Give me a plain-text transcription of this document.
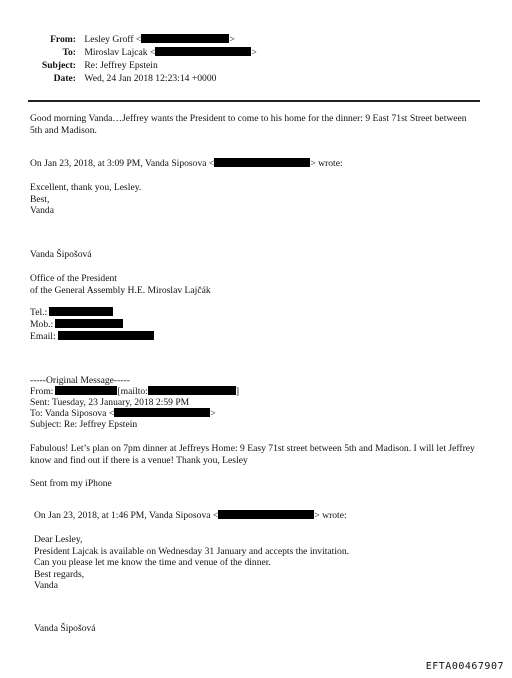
From: Lesley Groff <	>
To: Miroslav Lajcak <	>
Subject: Re: Jeffrey Epstein
Date: Wed, 24 Jan 2018 12:23:14 +0000
Good morning Vanda…Jeffrey wants the President to come to his home for the dinner: 9 East 71st Street between 5th and Madison.
On Jan 23, 2018, at 3:09 PM, Vanda Siposova <	> wrote:
Excellent, thank you, Lesley.
Best,
Vanda
Vanda Šipošová
Office of the President
of the General Assembly H.E. Miroslav Lajčák
Tel.:
Mob.:
Email:
-----Original Message-----
From:	[mailto:	]
Sent: Tuesday, 23 January, 2018 2:59 PM
To: Vanda Siposova <	>
Subject: Re: Jeffrey Epstein
Fabulous! Let’s plan on 7pm dinner at Jeffreys Home: 9 Easy 71st street between 5th and Madison. I will let Jeffrey know and find out if there is a venue! Thank you, Lesley
Sent from my iPhone
On Jan 23, 2018, at 1:46 PM, Vanda Siposova <	> wrote:
Dear Lesley,
President Lajcak is available on Wednesday 31 January and accepts the invitation.
Can you please let me know the time and venue of the dinner.
Best regards,
Vanda
Vanda Šipošová
EFTA00467907
